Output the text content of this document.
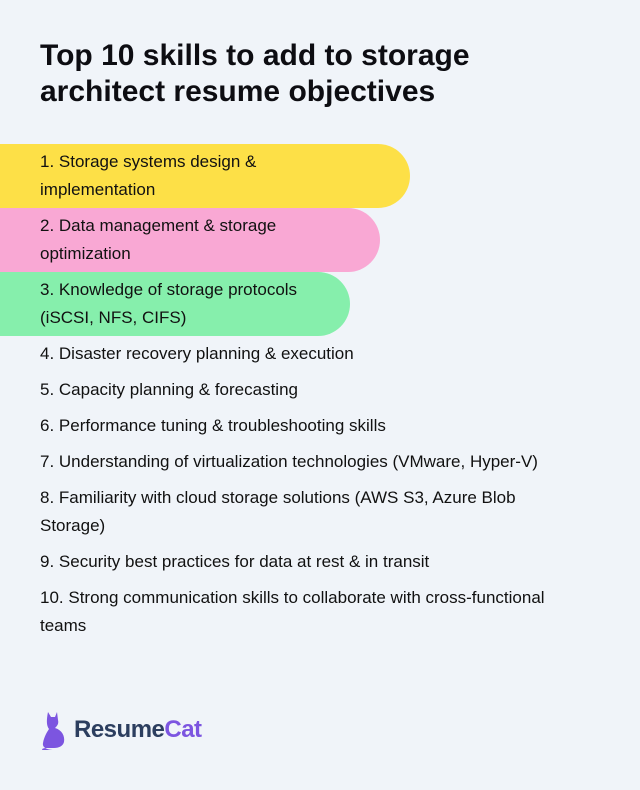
Top 10 skills to add to storage architect resume objectives
1. Storage systems design & implementation
2. Data management & storage optimization
3. Knowledge of storage protocols (iSCSI, NFS, CIFS)
4. Disaster recovery planning & execution
5. Capacity planning & forecasting
6. Performance tuning & troubleshooting skills
7. Understanding of virtualization technologies (VMware, Hyper-V)
8. Familiarity with cloud storage solutions (AWS S3, Azure Blob Storage)
9. Security best practices for data at rest & in transit
10. Strong communication skills to collaborate with cross-functional teams
ResumeCat
